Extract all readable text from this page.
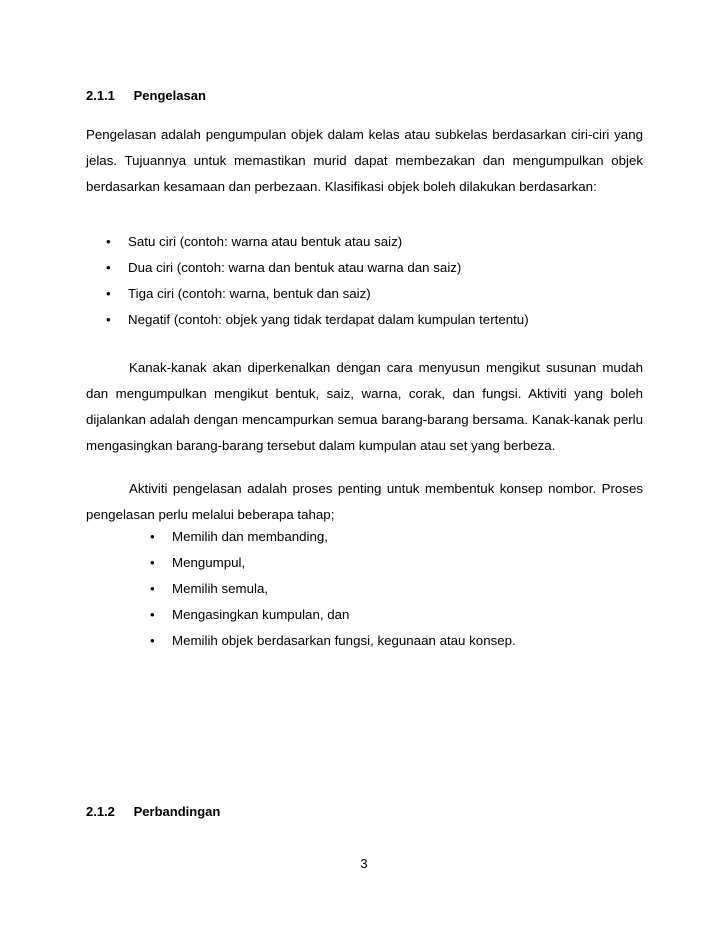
2.1.1 Pengelasan

Pengelasan adalah pengumpulan objek dalam kelas atau subkelas berdasarkan ciri-ciri yang jelas. Tujuannya untuk memastikan murid dapat membezakan dan mengumpulkan objek berdasarkan kesamaan dan perbezaan. Klasifikasi objek boleh dilakukan berdasarkan:

• Satu ciri (contoh: warna atau bentuk atau saiz)
• Dua ciri (contoh: warna dan bentuk atau warna dan saiz)
• Tiga ciri (contoh: warna, bentuk dan saiz)
• Negatif (contoh: objek yang tidak terdapat dalam kumpulan tertentu)

Kanak-kanak akan diperkenalkan dengan cara menyusun mengikut susunan mudah dan mengumpulkan mengikut bentuk, saiz, warna, corak, dan fungsi. Aktiviti yang boleh dijalankan adalah dengan mencampurkan semua barang-barang bersama. Kanak-kanak perlu mengasingkan barang-barang tersebut dalam kumpulan atau set yang berbeza.

Aktiviti pengelasan adalah proses penting untuk membentuk konsep nombor. Proses pengelasan perlu melalui beberapa tahap;

• Memilih dan membanding,
• Mengumpul,
• Memilih semula,
• Mengasingkan kumpulan, dan
• Memilih objek berdasarkan fungsi, kegunaan atau konsep.
2.1.2 Perbandingan
3
